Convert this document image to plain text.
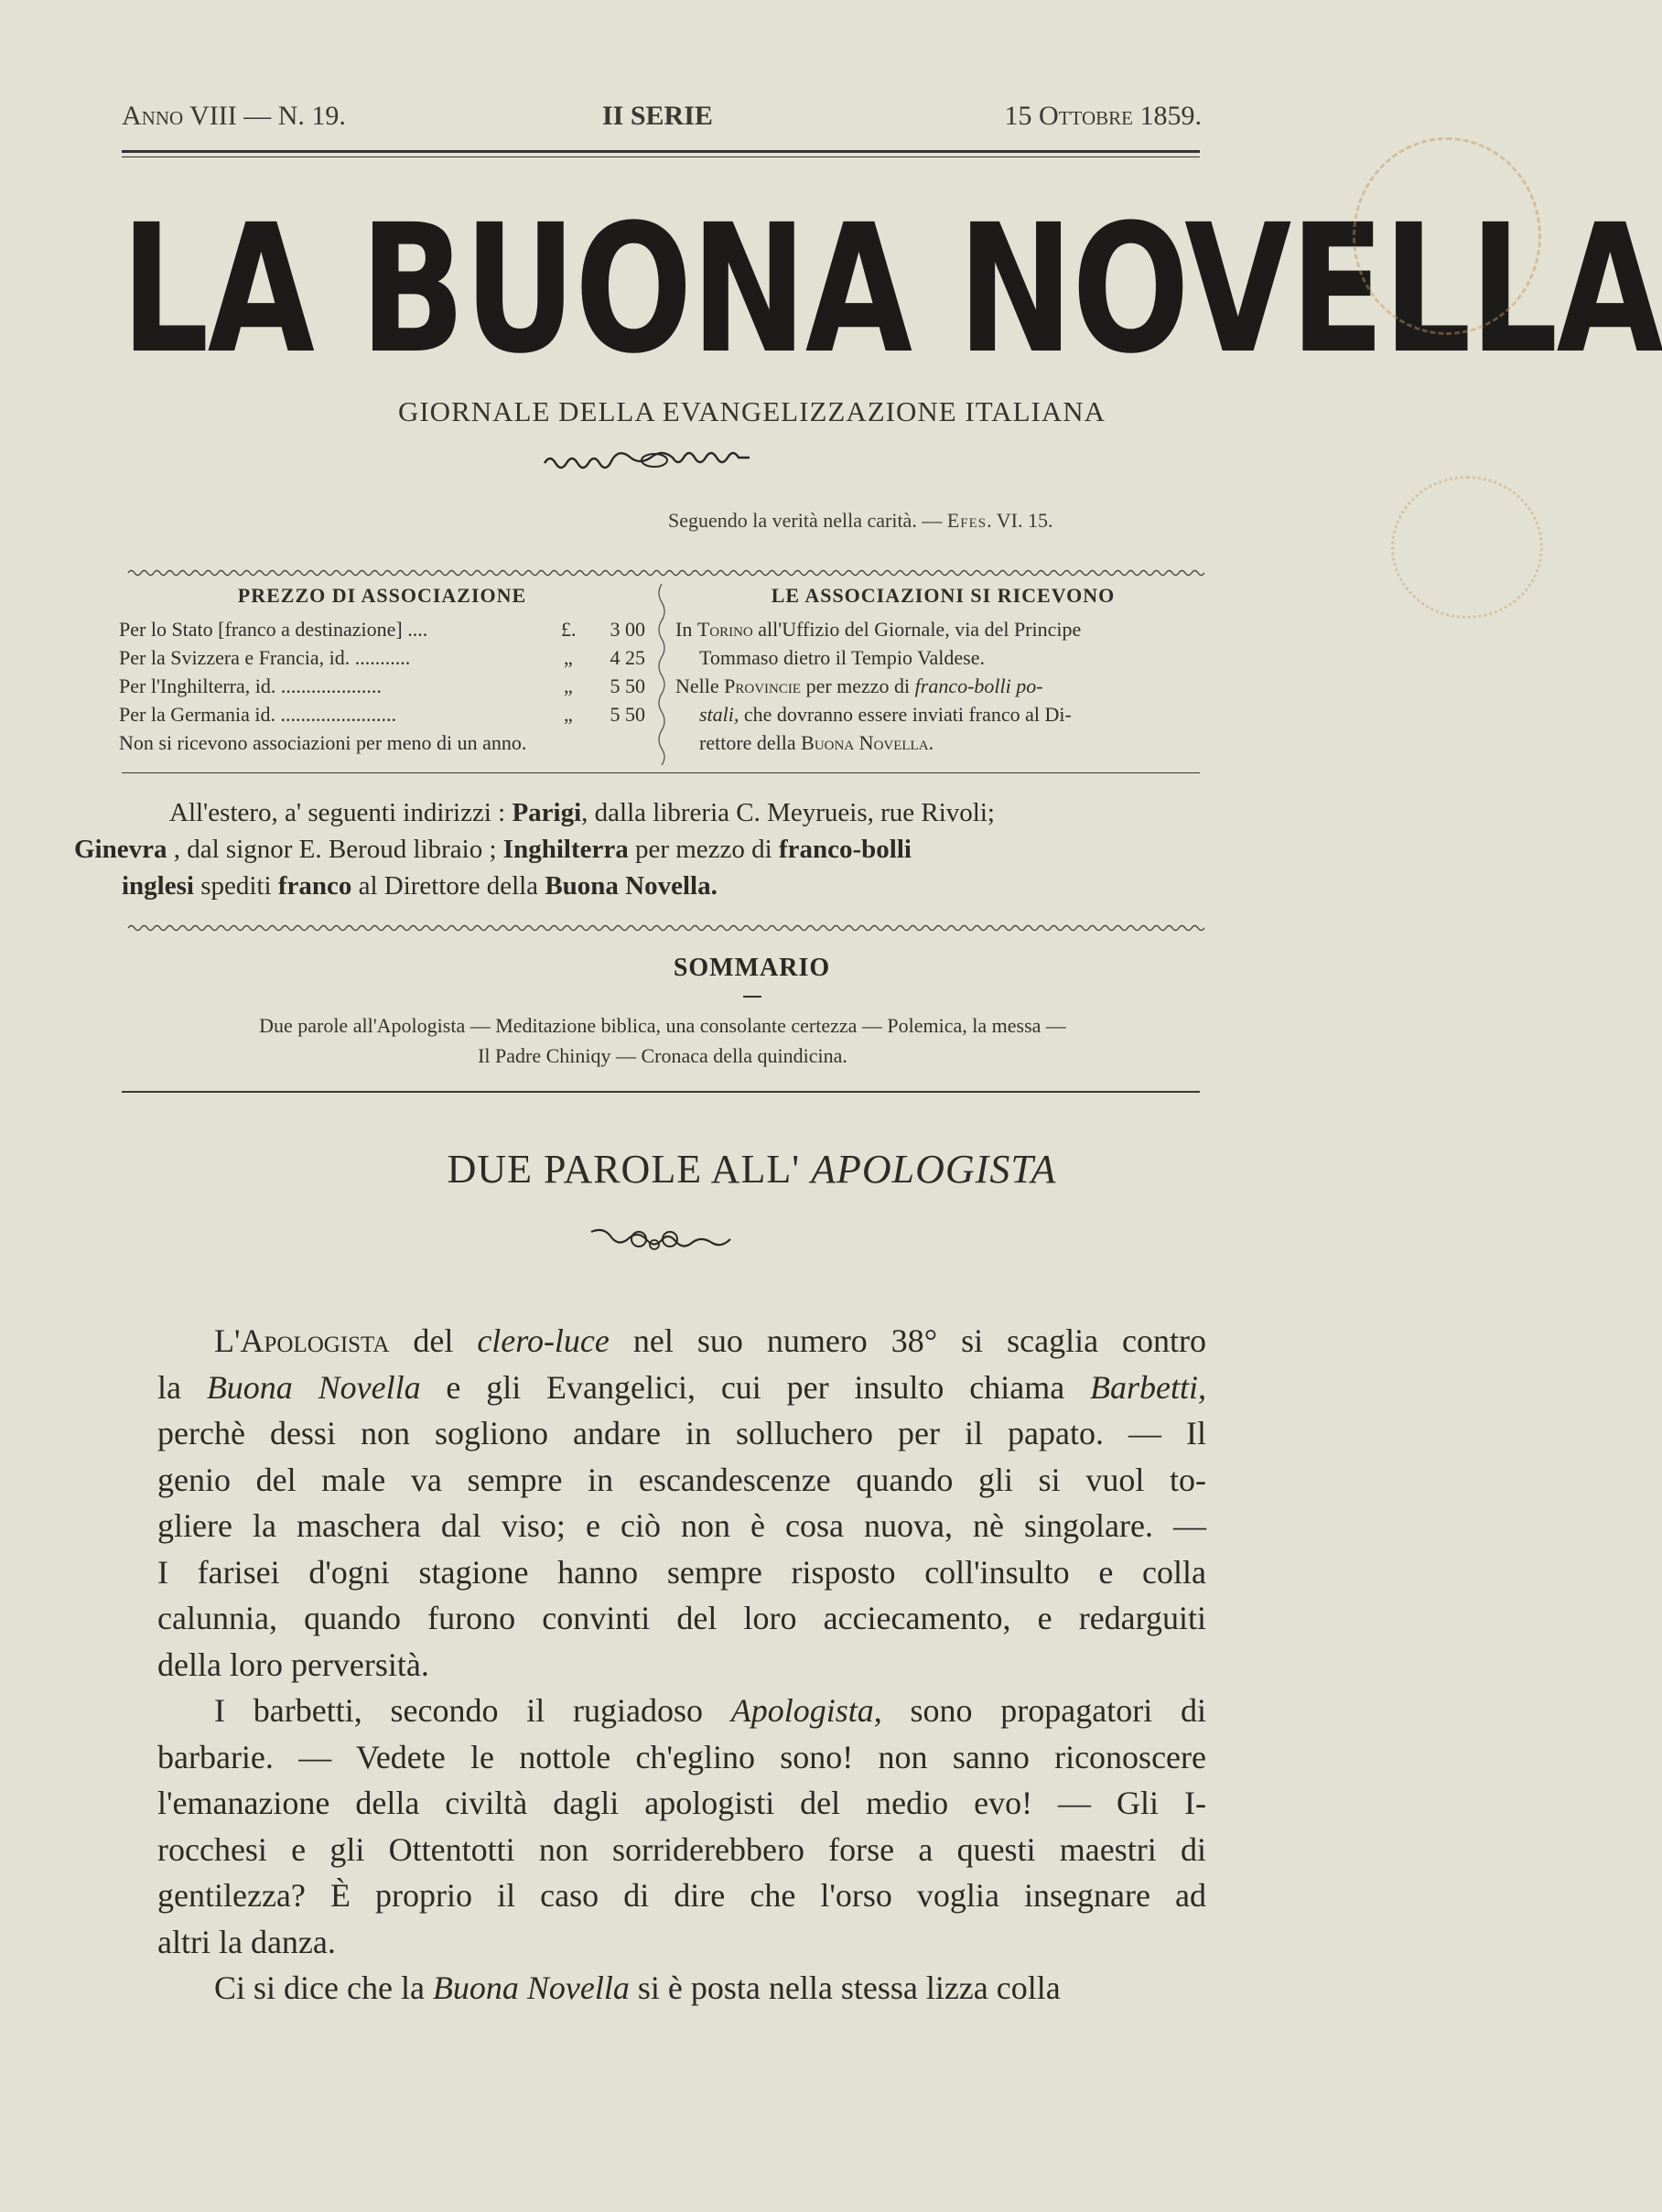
Anno VIII — N. 19.	II SERIE	15 Ottobre 1859.
LA BUONA NOVELLA
GIORNALE DELLA EVANGELIZZAZIONE ITALIANA
Seguendo la verità nella carità. — Efes. VI. 15.
PREZZO DI ASSOCIAZIONE
Per lo Stato [franco a destinazione] ....	£. 3 00
Per la Svizzera e Francia, id. ...........	„ 4 25
Per l'Inghilterra, id. ....................	„ 5 50
Per la Germania id. .......................	„ 5 50
Non si ricevono associazioni per meno di un anno.
LE ASSOCIAZIONI SI RICEVONO
In Torino all'Uffizio del Giornale, via del Principe
Tommaso dietro il Tempio Valdese.
Nelle Provincie per mezzo di franco-bolli po-
stali, che dovranno essere inviati franco al Di-
rettore della Buona Novella.
All'estero, a' seguenti indirizzi : Parigi, dalla libreria C. Meyrueis, rue Rivoli;
Ginevra , dal signor E. Beroud libraio ; Inghilterra per mezzo di franco-bolli
inglesi spediti franco al Direttore della Buona Novella.
SOMMARIO
Due parole all'Apologista — Meditazione biblica, una consolante certezza — Polemica, la messa —
Il Padre Chiniqy — Cronaca della quindicina.
DUE PAROLE ALL' APOLOGISTA
L'Apologista del clero-luce nel suo numero 38° si scaglia contro
la Buona Novella e gli Evangelici, cui per insulto chiama Barbetti,
perchè dessi non sogliono andare in solluchero per il papato. — Il
genio del male va sempre in escandescenze quando gli si vuol to-
gliere la maschera dal viso; e ciò non è cosa nuova, nè singolare. —
I farisei d'ogni stagione hanno sempre risposto coll'insulto e colla
calunnia, quando furono convinti del loro acciecamento, e redarguiti
della loro perversità.
I barbetti, secondo il rugiadoso Apologista, sono propagatori di
barbarie. — Vedete le nottole ch'eglino sono! non sanno riconoscere
l'emanazione della civiltà dagli apologisti del medio evo! — Gli I-
rocchesi e gli Ottentotti non sorriderebbero forse a questi maestri di
gentilezza? È proprio il caso di dire che l'orso voglia insegnare ad
altri la danza.
Ci si dice che la Buona Novella si è posta nella stessa lizza colla
